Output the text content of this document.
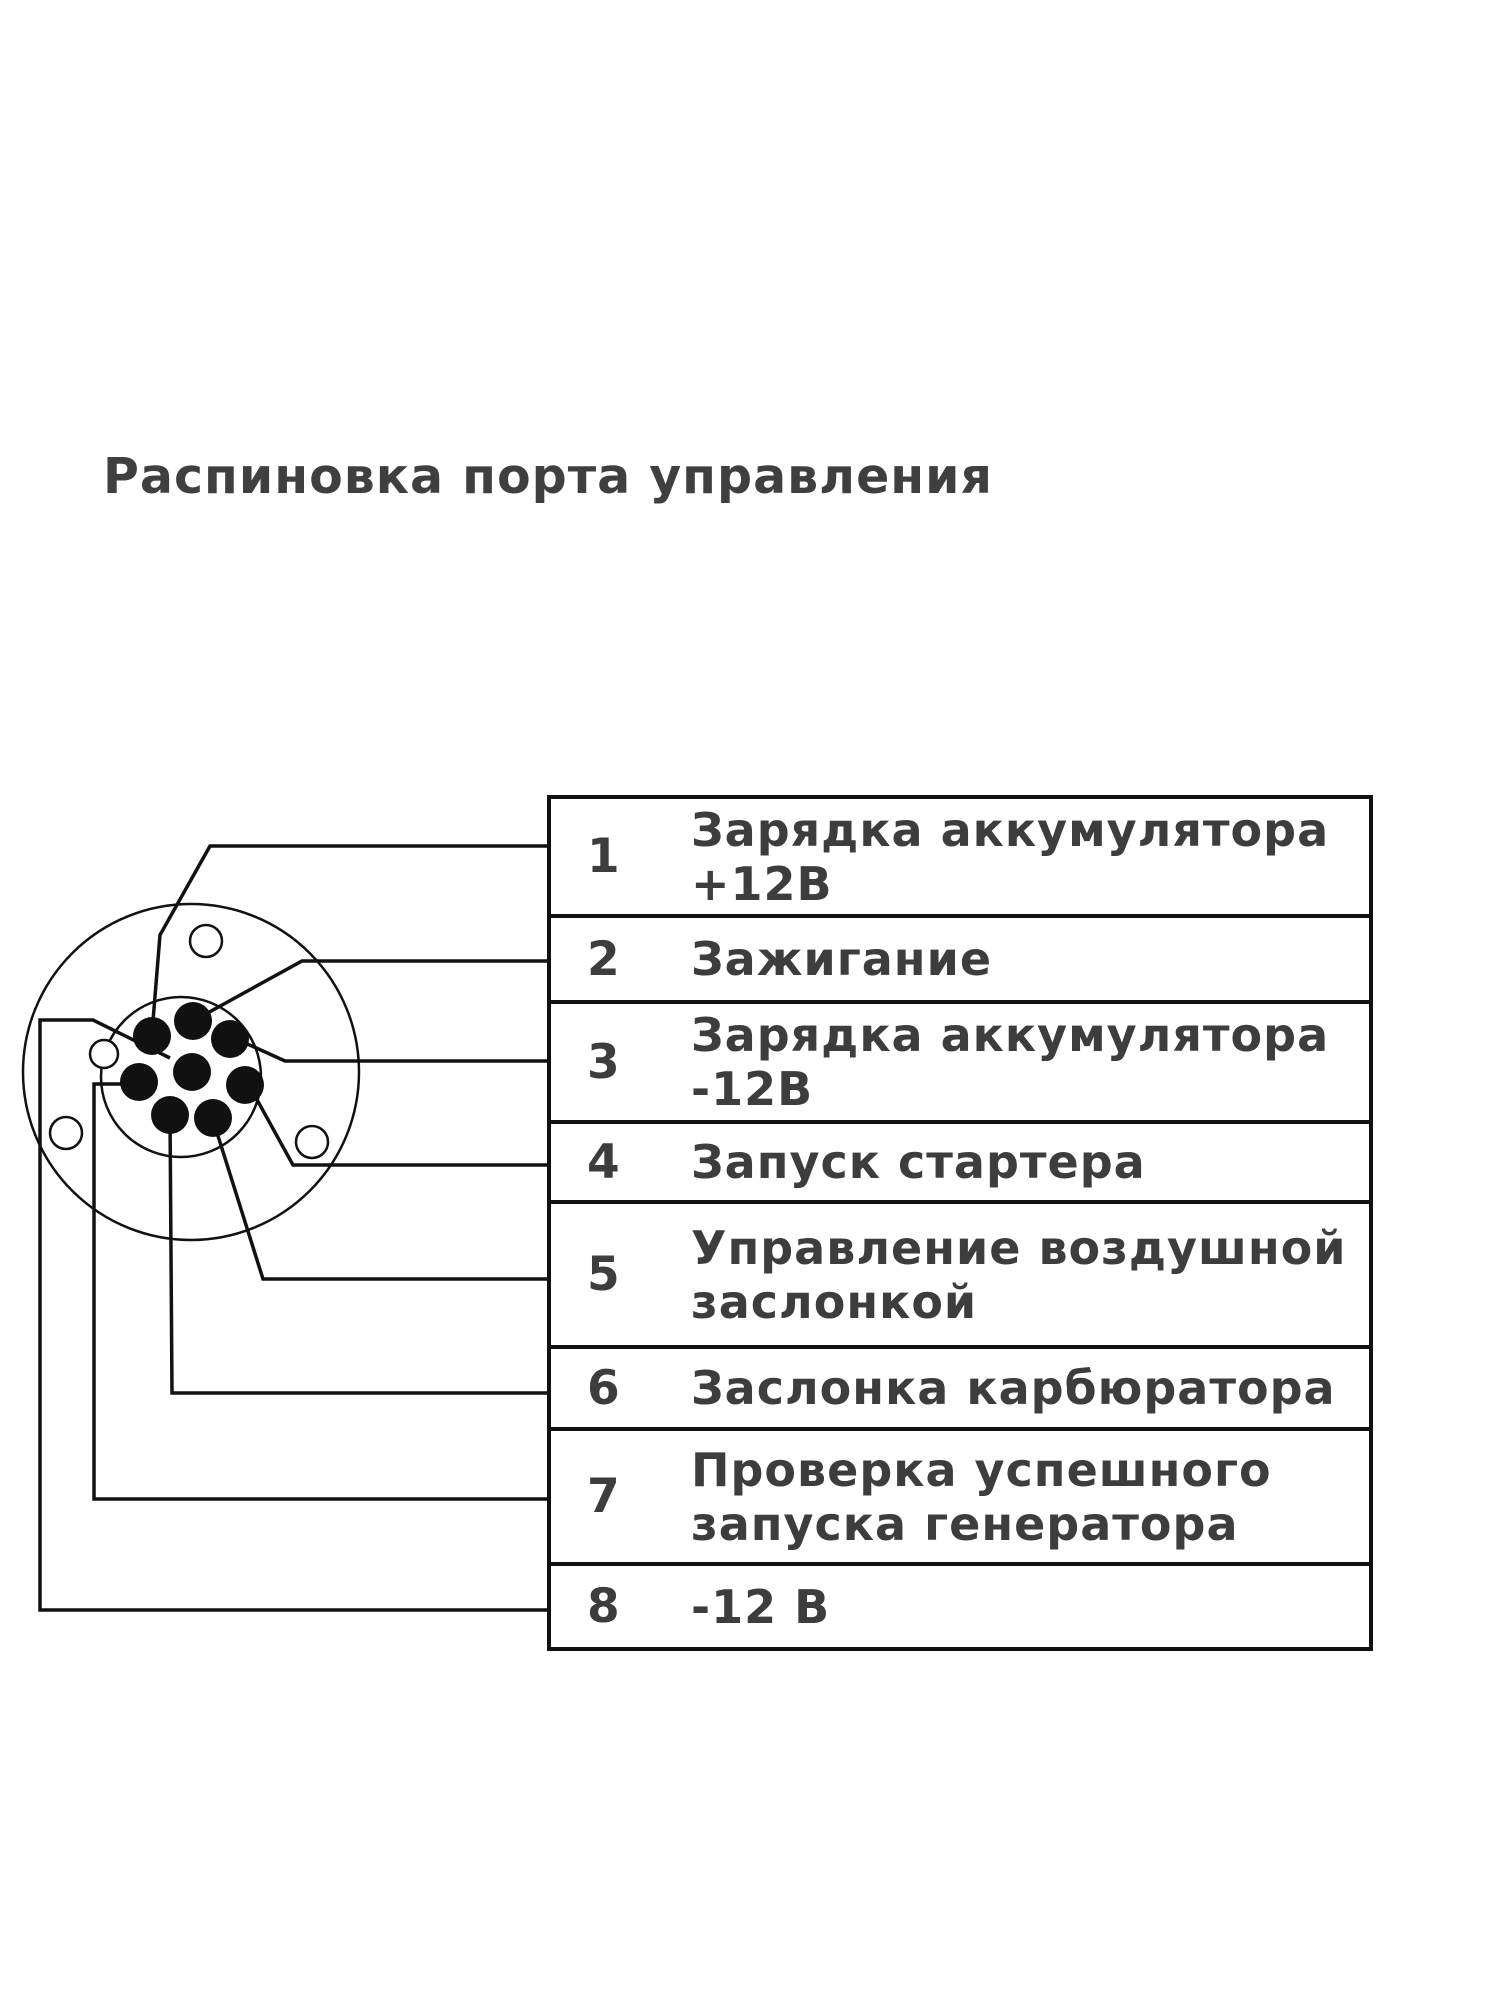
Распиновка порта управления
1 Зарядка аккумулятора
+12В
2 Зажигание
3 Зарядка аккумулятора
-12В
4 Запуск стартера
5 Управление воздушной
заслонкой
6 Заслонка карбюратора
7 Проверка успешного
запуска генератора
8 -12 В
